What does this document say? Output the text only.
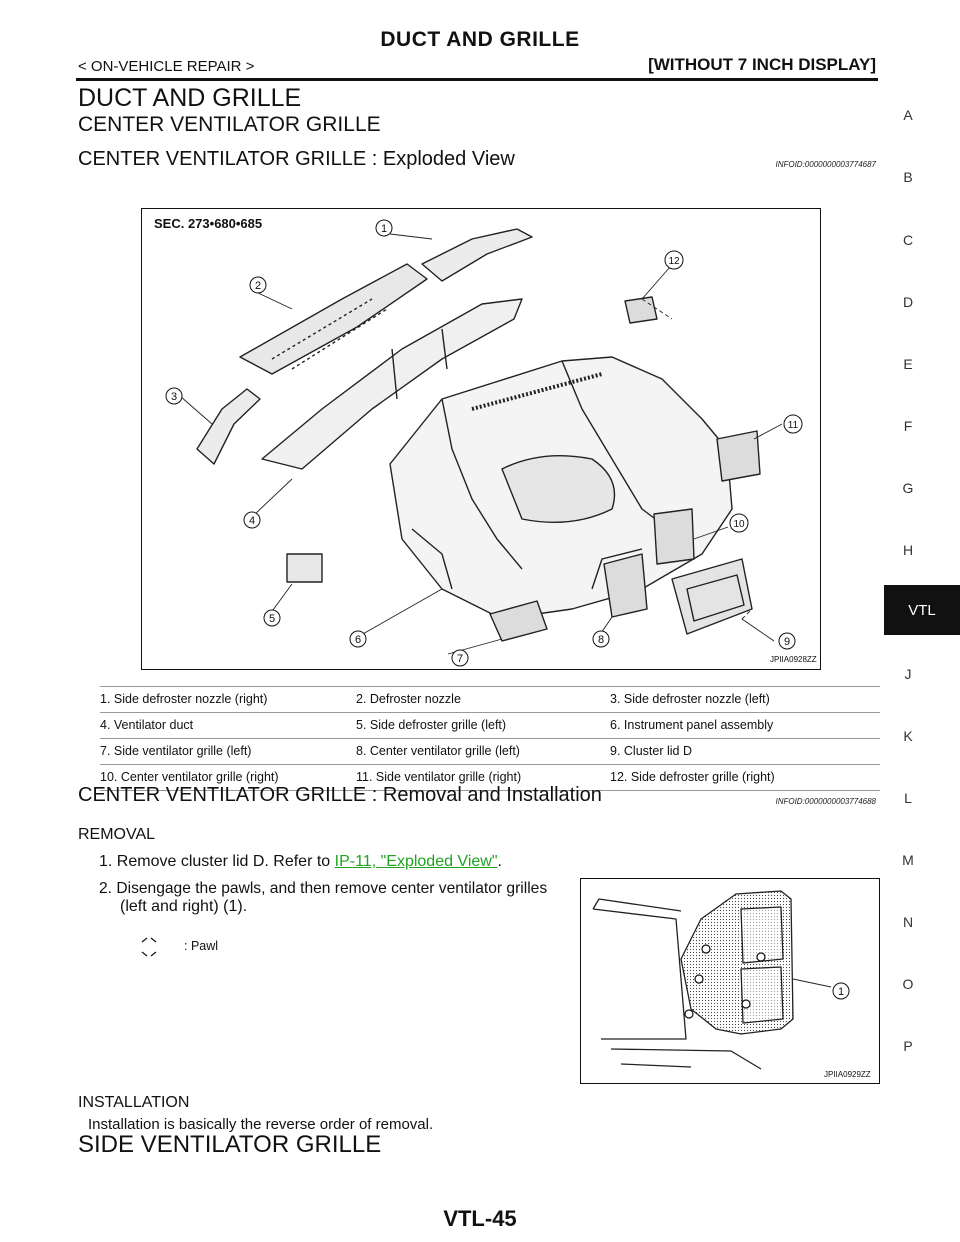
DUCT AND GRILLE
< ON-VEHICLE REPAIR >	[WITHOUT 7 INCH DISPLAY]
DUCT AND GRILLE
CENTER VENTILATOR GRILLE
CENTER VENTILATOR GRILLE : Exploded View	INFOID:0000000003774687
SEC. 273•680•685
JPIIA0928ZZ
1
2
3
4
5
6
7
8	9
10
11
12
1. Side defroster nozzle (right)	2. Defroster nozzle	3. Side defroster nozzle (left)
4. Ventilator duct	5. Side defroster grille (left)	6. Instrument panel assembly
7. Side ventilator grille (left)	8. Center ventilator grille (left)	9. Cluster lid D
10. Center ventilator grille (right)	11. Side ventilator grille (right)	12. Side defroster grille (right)
CENTER VENTILATOR GRILLE : Removal and Installation	INFOID:0000000003774688
REMOVAL
1. Remove cluster lid D. Refer to IP-11, "Exploded View".
2. Disengage the pawls, and then remove center ventilator grilles
(left and right) (1).
: Pawl
1
JPIIA0929ZZ
INSTALLATION
Installation is basically the reverse order of removal.
SIDE VENTILATOR GRILLE
A
B
C
D
E
F
G
H
VTL
J
K
L
M
N
O
P
VTL-45
